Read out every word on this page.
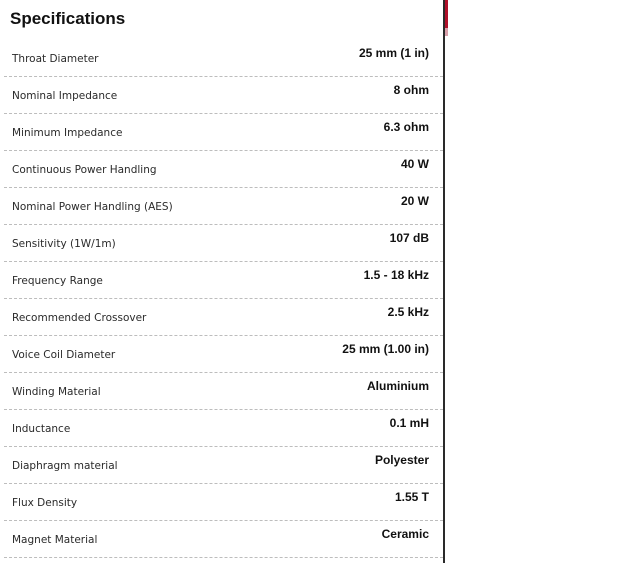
Specifications
Throat Diameter	25 mm (1 in)
Nominal Impedance	8 ohm
Minimum Impedance	6.3 ohm
Continuous Power Handling	40 W
Nominal Power Handling (AES)	20 W
Sensitivity (1W/1m)	107 dB
Frequency Range	1.5 - 18 kHz
Recommended Crossover	2.5 kHz
Voice Coil Diameter	25 mm (1.00 in)
Winding Material	Aluminium
Inductance	0.1 mH
Diaphragm material	Polyester
Flux Density	1.55 T
Magnet Material	Ceramic
